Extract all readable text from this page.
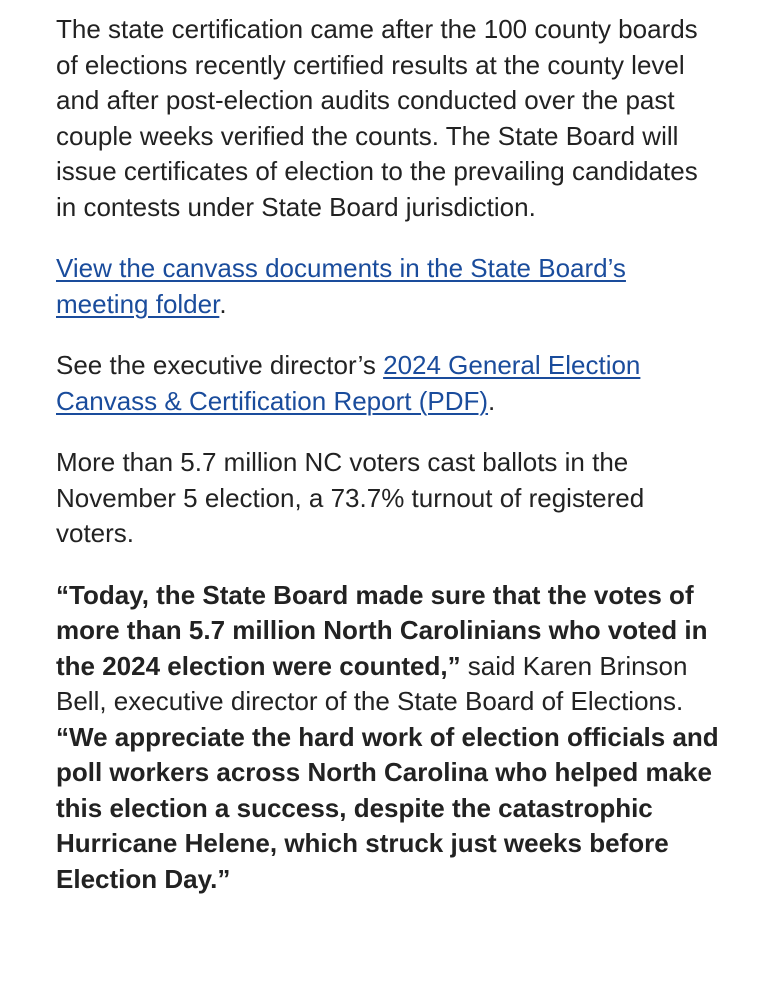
The state certification came after the 100 county boards of elections recently certified results at the county level and after post-election audits conducted over the past couple weeks verified the counts. The State Board will issue certificates of election to the prevailing candidates in contests under State Board jurisdiction.

View the canvass documents in the State Board’s meeting folder.

See the executive director’s 2024 General Election Canvass & Certification Report (PDF).

More than 5.7 million NC voters cast ballots in the November 5 election, a 73.7% turnout of registered voters.

“Today, the State Board made sure that the votes of more than 5.7 million North Carolinians who voted in the 2024 election were counted,” said Karen Brinson Bell, executive director of the State Board of Elections. “We appreciate the hard work of election officials and poll workers across North Carolina who helped make this election a success, despite the catastrophic Hurricane Helene, which struck just weeks before Election Day.”
